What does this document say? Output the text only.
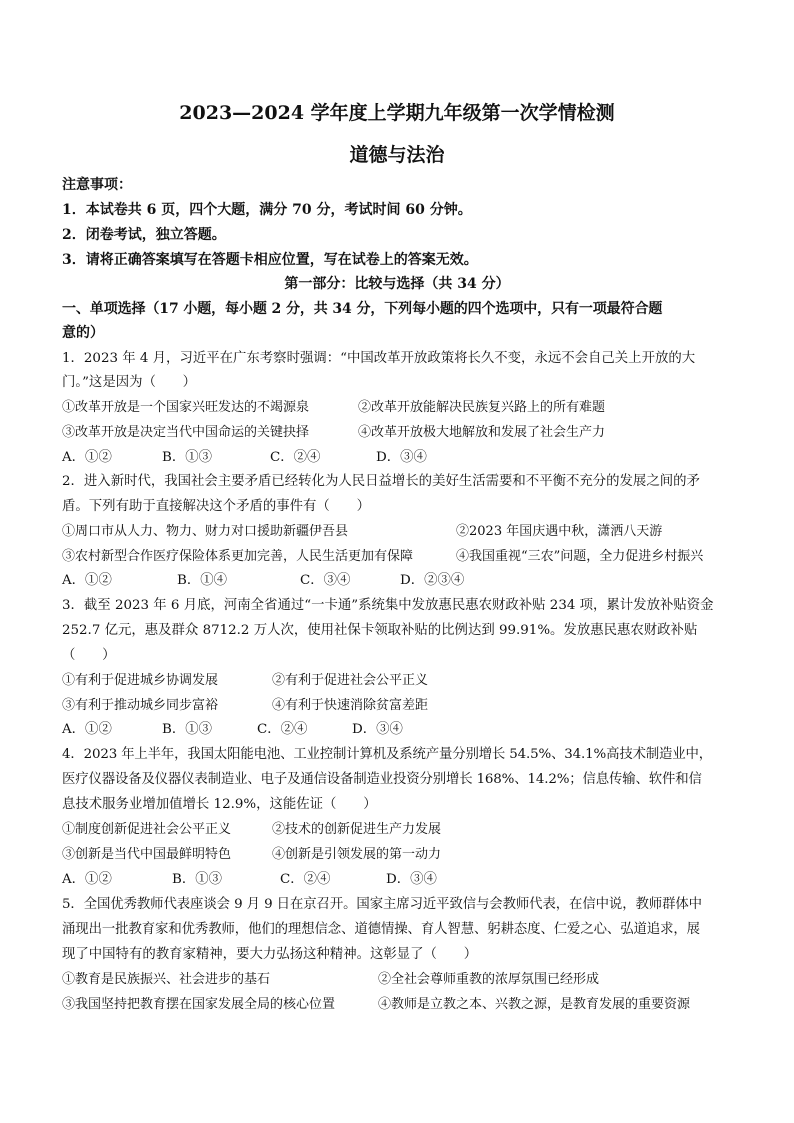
2023—2024 学年度上学期九年级第一次学情检测
道德与法治
注意事项：
1．本试卷共 6 页，四个大题，满分 70 分，考试时间 60 分钟。
2．闭卷考试，独立答题。
3．请将正确答案填写在答题卡相应位置，写在试卷上的答案无效。
第一部分：比较与选择（共 34 分）
一、单项选择（17 小题，每小题 2 分，共 34 分，下列每小题的四个选项中，只有一项最符合题
意的）
1．2023 年 4 月，习近平在广东考察时强调：“中国改革开放政策将长久不变，永远不会自己关上开放的大
门。”这是因为（　　）
①改革开放是一个国家兴旺发达的不竭源泉	②改革开放能解决民族复兴路上的所有难题
③改革开放是决定当代中国命运的关键抉择	④改革开放极大地解放和发展了社会生产力
A．①②	B．①③	C．②④	D．③④
2．进入新时代，我国社会主要矛盾已经转化为人民日益增长的美好生活需要和不平衡不充分的发展之间的矛
盾。下列有助于直接解决这个矛盾的事件有（　　）
①周口市从人力、物力、财力对口援助新疆伊吾县	②2023 年国庆遇中秋，潇洒八天游
③农村新型合作医疗保险体系更加完善，人民生活更加有保障	④我国重视“三农”问题，全力促进乡村振兴
A．①②	B．①④	C．③④	D．②③④
3．截至 2023 年 6 月底，河南全省通过“一卡通”系统集中发放惠民惠农财政补贴 234 项，累计发放补贴资金
252.7 亿元，惠及群众 8712.2 万人次，使用社保卡领取补贴的比例达到 99.91%。发放惠民惠农财政补贴
（　　）
①有利于促进城乡协调发展	②有利于促进社会公平正义
③有利于推动城乡同步富裕	④有利于快速消除贫富差距
A．①②	B．①③	C．②④	D．③④
4．2023 年上半年，我国太阳能电池、工业控制计算机及系统产量分别增长 54.5%、34.1%高技术制造业中，
医疗仪器设备及仪器仪表制造业、电子及通信设备制造业投资分别增长 168%、14.2%；信息传输、软件和信
息技术服务业增加值增长 12.9%，这能佐证（　　）
①制度创新促进社会公平正义	②技术的创新促进生产力发展
③创新是当代中国最鲜明特色	④创新是引领发展的第一动力
A．①②	B．①③	C．②④	D．③④
5．全国优秀教师代表座谈会 9 月 9 日在京召开。国家主席习近平致信与会教师代表，在信中说，教师群体中
涌现出一批教育家和优秀教师，他们的理想信念、道德情操、育人智慧、躬耕态度、仁爱之心、弘道追求，展
现了中国特有的教育家精神，要大力弘扬这种精神。这彰显了（　　）
①教育是民族振兴、社会进步的基石	②全社会尊师重教的浓厚氛围已经形成
③我国坚持把教育摆在国家发展全局的核心位置	④教师是立教之本、兴教之源，是教育发展的重要资源
